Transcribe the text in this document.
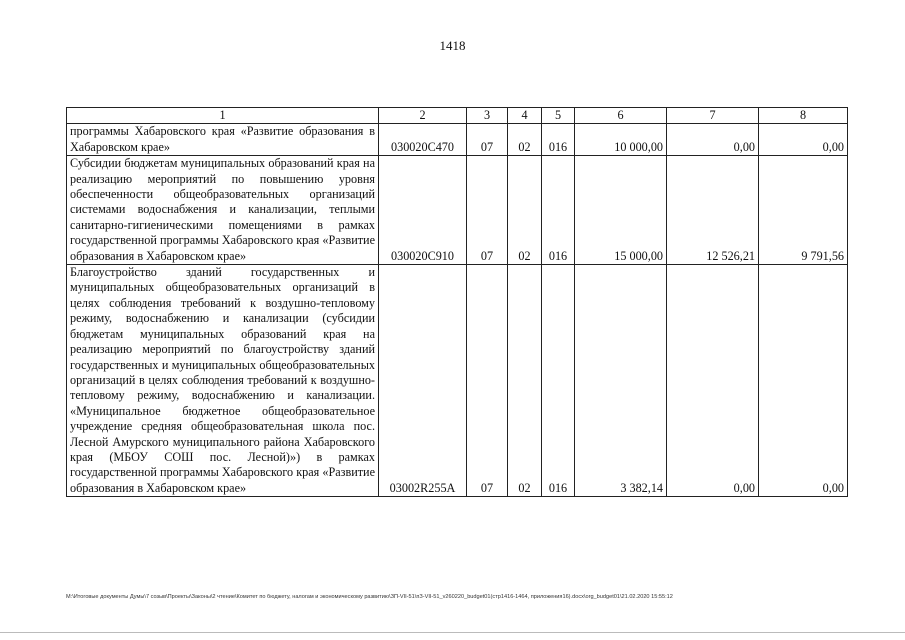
1418
1	2	3	4	5	6	7	8
программы Хабаровского края «Развитие образования в Хабаровском крае»	030020С470	07	02	016	10 000,00	0,00	0,00
Субсидии бюджетам муниципальных образований края на реализацию мероприятий по повышению уровня обеспеченности общеобразовательных организаций системами водоснабжения и канализации, теплыми санитарно-гигиеническими помещениями в рамках государственной программы Хабаровского края «Развитие образования в Хабаровском крае»	030020С910	07	02	016	15 000,00	12 526,21	9 791,56
Благоустройство зданий государственных и муниципальных общеобразовательных организаций в целях соблюдения требований к воздушно-тепловому режиму, водоснабжению и канализации (субсидии бюджетам муниципальных образований края на реализацию мероприятий по благоустройству зданий государственных и муниципальных общеобразовательных организаций в целях соблюдения требований к воздушно-тепловому режиму, водоснабжению и канализации. «Муниципальное бюджетное общеобразовательное учреждение средняя общеобразовательная школа пос. Лесной Амурского муниципального района Хабаровского края (МБОУ СОШ пос. Лесной)») в рамках государственной программы Хабаровского края «Развитие образования в Хабаровском крае»	03002R255A	07	02	016	3 382,14	0,00	0,00
M:\Итоговые документы Думы\7 созыв\Проекты\Законы\2 чтение\Комитет по бюджету, налогам и экономическому развитию\ЗП-VII-51\пЗ-VII-51_v260220_budget01(стр1416-1464, приложения16).docx\org_budget01\21.02.2020 15:55:12
